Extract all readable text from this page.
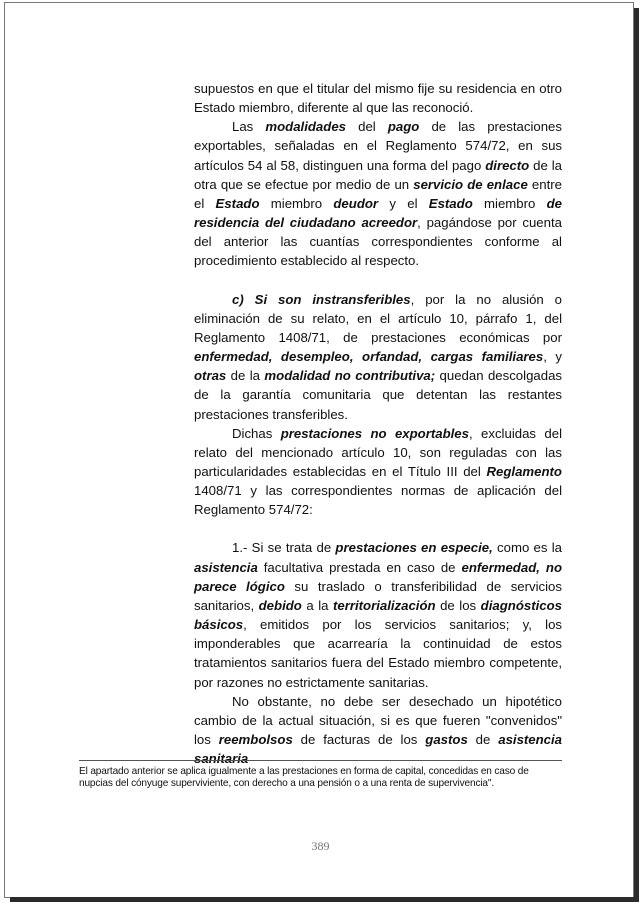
supuestos en que el titular del mismo fije su residencia en otro Estado miembro, diferente al que las reconoció.

Las modalidades del pago de las prestaciones exportables, señaladas en el Reglamento 574/72, en sus artículos 54 al 58, distinguen una forma del pago directo de la otra que se efectue por medio de un servicio de enlace entre el Estado miembro deudor y el Estado miembro de residencia del ciudadano acreedor, pagándose por cuenta del anterior las cuantías correspondientes conforme al procedimiento establecido al respecto.

c) Si son instransferibles, por la no alusión o eliminación de su relato, en el artículo 10, párrafo 1, del Reglamento 1408/71, de prestaciones económicas por enfermedad, desempleo, orfandad, cargas familiares, y otras de la modalidad no contributiva; quedan descolgadas de la garantía comunitaria que detentan las restantes prestaciones transferibles.

Dichas prestaciones no exportables, excluidas del relato del mencionado artículo 10, son reguladas con las particularidades establecidas en el Título III del Reglamento 1408/71 y las correspondientes normas de aplicación del Reglamento 574/72:

1.- Si se trata de prestaciones en especie, como es la asistencia facultativa prestada en caso de enfermedad, no parece lógico su traslado o transferibilidad de servicios sanitarios, debido a la territorialización de los diagnósticos básicos, emitidos por los servicios sanitarios; y, los imponderables que acarrearía la continuidad de estos tratamientos sanitarios fuera del Estado miembro competente, por razones no estrictamente sanitarias.

No obstante, no debe ser desechado un hipotético cambio de la actual situación, si es que fueren "convenidos" los reembolsos de facturas de los gastos de asistencia sanitaria

El apartado anterior se aplica igualmente a las prestaciones en forma de capital, concedidas en caso de nupcias del cónyuge superviviente, con derecho a una pensión o a una renta de supervivencia".
389
